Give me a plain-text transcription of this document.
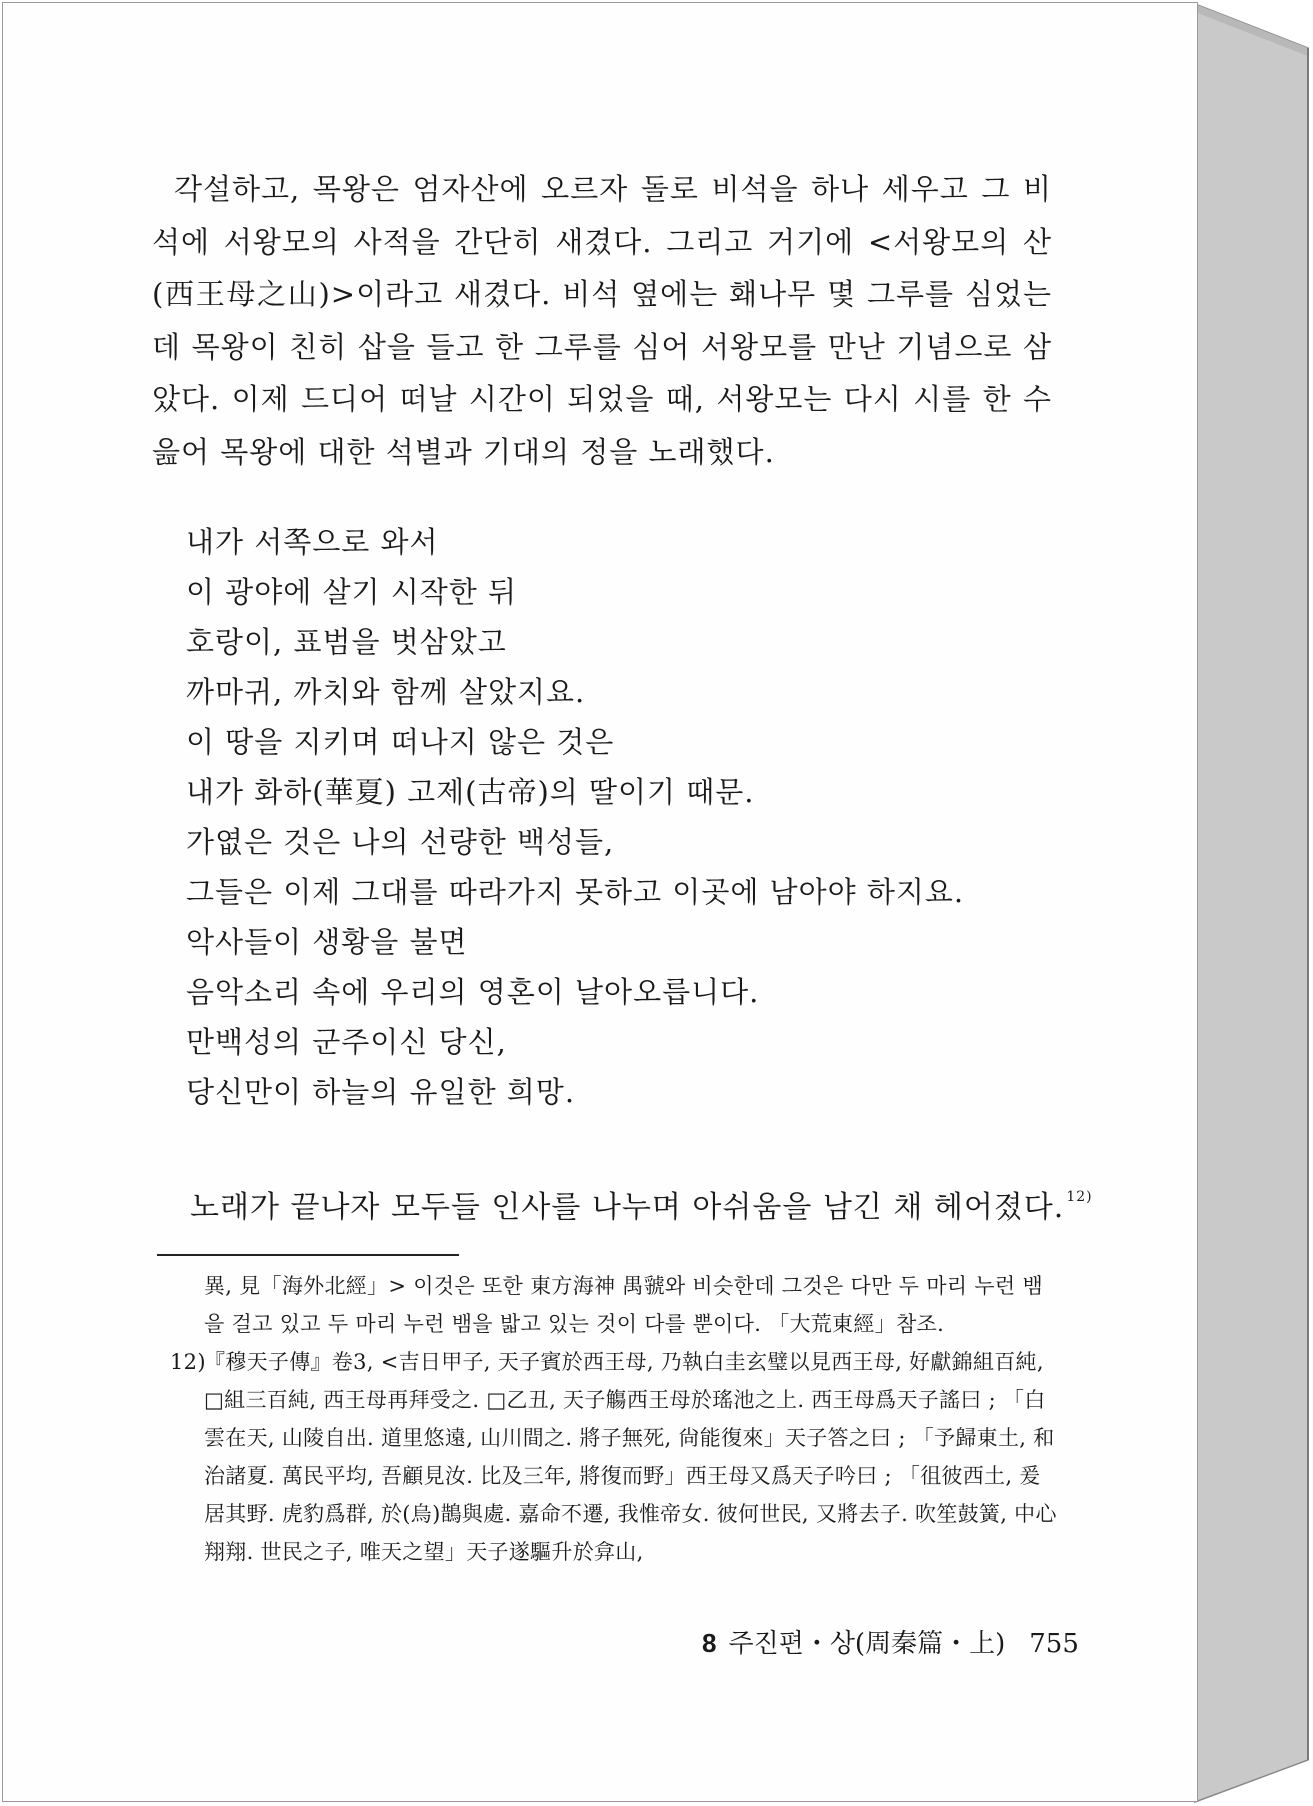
각설하고, 목왕은 엄자산에 오르자 돌로 비석을 하나 세우고 그 비석에 서왕모의 사적을 간단히 새겼다. 그리고 거기에 <서왕모의 산(西王母之山)>이라고 새겼다. 비석 옆에는 홰나무 몇 그루를 심었는데 목왕이 친히 삽을 들고 한 그루를 심어 서왕모를 만난 기념으로 삼았다. 이제 드디어 떠날 시간이 되었을 때, 서왕모는 다시 시를 한 수 읊어 목왕에 대한 석별과 기대의 정을 노래했다.

내가 서쪽으로 와서
이 광야에 살기 시작한 뒤
호랑이, 표범을 벗삼았고
까마귀, 까치와 함께 살았지요.
이 땅을 지키며 떠나지 않은 것은
내가 화하(華夏) 고제(古帝)의 딸이기 때문.
가엾은 것은 나의 선량한 백성들,
그들은 이제 그대를 따라가지 못하고 이곳에 남아야 하지요.
악사들이 생황을 불면
음악소리 속에 우리의 영혼이 날아오릅니다.
만백성의 군주이신 당신,
당신만이 하늘의 유일한 희망.

노래가 끝나자 모두들 인사를 나누며 아쉬움을 남긴 채 헤어졌다. $^{12)}$

異, 見「海外北經」> 이것은 또한 東方海神 禺虢와 비슷한데 그것은 다만 두 마리 누런 뱀을 걸고 있고 두 마리 누런 뱀을 밟고 있는 것이 다를 뿐이다. 「大荒東經」참조.

12)
『穆天子傳』卷3, <吉日甲子, 天子賓於西王母, 乃執白圭玄璧以見西王母, 好獻錦組百純, □組三百純, 西王母再拜受之. □乙丑, 天子觴西王母於瑤池之上. 西王母爲天子謠曰 ; 「白雲在天, 山陵自出. 道里悠遠, 山川間之. 將子無死, 尙能復來」天子答之曰 ; 「予歸東土, 和治諸夏. 萬民平均, 吾顧見汝. 比及三年, 將復而野」西王母又爲天子吟曰 ; 「徂彼西土, 爰居其野. 虎豹爲群, 於(烏)鵲與處. 嘉命不遷, 我惟帝女. 彼何世民, 又將去子. 吹笙鼓簧, 中心翔翔. 世民之子, 唯天之望」天子遂驅升於弇山,

8 주진편・상(周秦篇・上) 755
